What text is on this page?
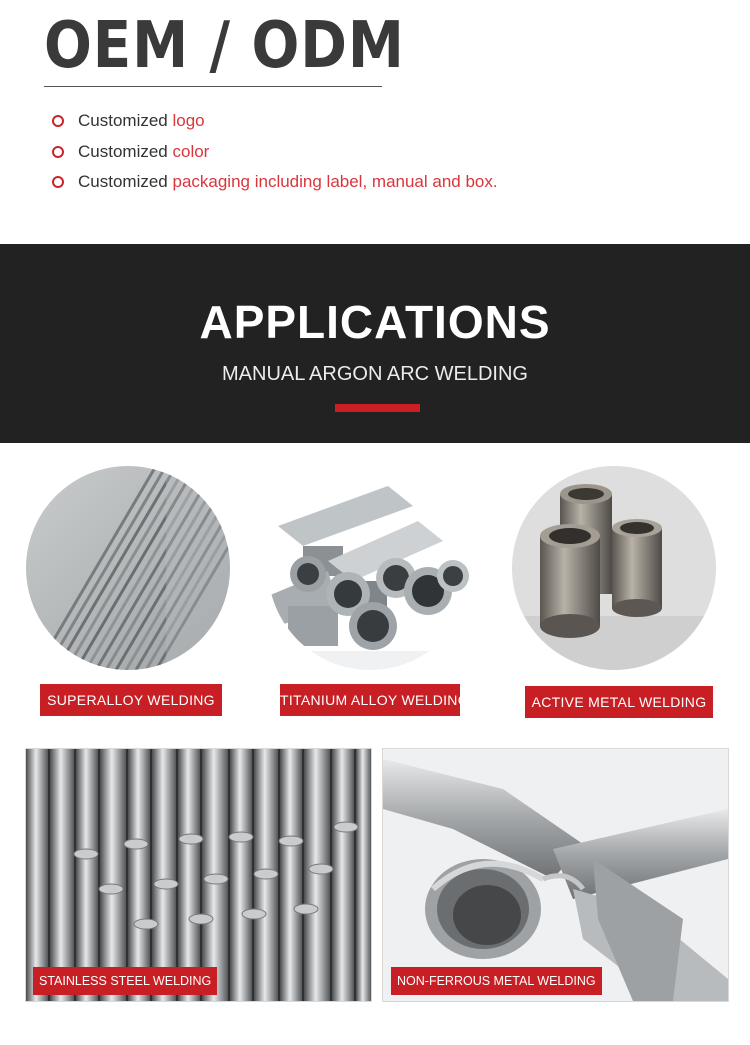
OEM / ODM
Customized logo
Customized color
Customized packaging including label, manual and box.
APPLICATIONS
MANUAL ARGON ARC WELDING
SUPERALLOY WELDING	TITANIUM ALLOY WELDING	ACTIVE METAL WELDING
STAINLESS STEEL WELDING	NON-FERROUS METAL WELDING
